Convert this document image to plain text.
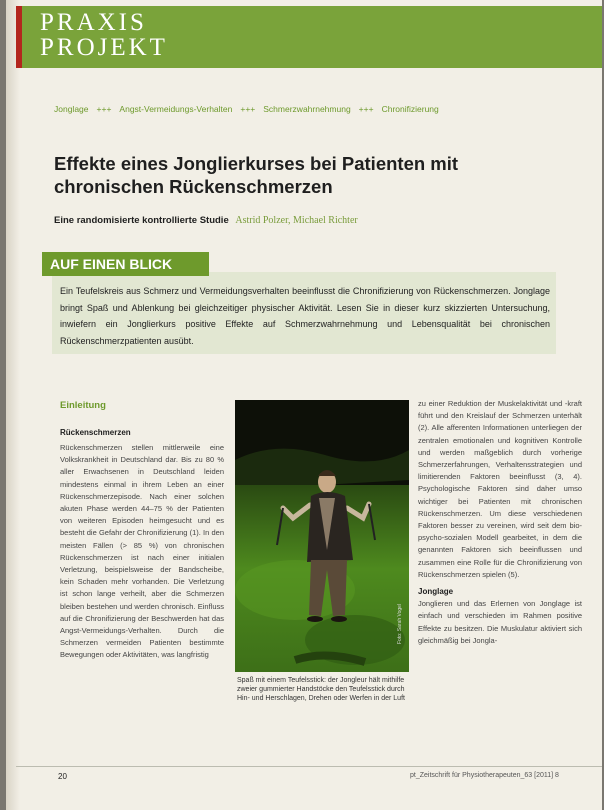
PRAXIS
PROJEKT
Jonglage +++ Angst-Vermeidungs-Verhalten +++ Schmerzwahrnehmung +++ Chronifizierung
Effekte eines Jonglierkurses bei Patienten mit chronischen Rückenschmerzen
Eine randomisierte kontrollierte Studie Astrid Polzer, Michael Richter
AUF EINEN BLICK

Ein Teufelskreis aus Schmerz und Vermeidungsverhalten beeinflusst die Chronifizierung von Rückenschmerzen. Jonglage bringt Spaß und Ablenkung bei gleichzeitiger physischer Aktivität. Lesen Sie in dieser kurz skizzierten Untersuchung, inwiefern ein Jonglierkurs positive Effekte auf Schmerzwahrnehmung und Lebensqualität bei chronischen Rückenschmerzpatienten ausübt.

Einleitung
Rückenschmerzen

Rückenschmerzen stellen mittlerweile eine Volkskrankheit in Deutschland dar. Bis zu 80 % aller Erwachsenen in Deutschland leiden mindestens einmal in ihrem Leben an einer Rückenschmerzepisode. Nach einer solchen akuten Phase werden 44–75 % der Patienten von weiteren Episoden heimgesucht und es besteht die Gefahr der Chronifizierung (1). In den meisten Fällen (> 85 %) von chronischen Rückenschmerzen ist nach einer initialen Verletzung, beispielsweise der Bandscheibe, kein Schaden mehr vorhanden. Die Verletzung ist schon lange verheilt, aber die Schmerzen bleiben bestehen und werden chronisch. Einfluss auf die Chronifizierung der Beschwerden hat das Angst-Vermeidungs-Verhalten. Durch die Schmerzen vermeiden Patienten bestimmte Bewegungen oder Aktivitäten, was langfristig

Foto: Sarah Vogel

Spaß mit einem Teufelsstick: der Jongleur hält mithilfe zweier gummierter Handstöcke den Teufelsstick durch Hin- und Herschlagen, Drehen oder Werfen in der Luft

zu einer Reduktion der Muskelaktivität und -kraft führt und den Kreislauf der Schmerzen unterhält (2). Alle afferenten Informationen unterliegen der zentralen emotionalen und kognitiven Kontrolle und werden maßgeblich durch vorherige Schmerzerfahrungen, Verhaltensstrategien und limitierenden Faktoren beeinflusst (3, 4). Psychologische Faktoren sind daher umso wichtiger bei Patienten mit chronischen Rückenschmerzen. Um diese verschiedenen Faktoren besser zu vereinen, wird seit dem bio-psycho-sozialen Modell gearbeitet, in dem die genannten Faktoren sich beeinflussen und zusammen eine Rolle für die Chronifizierung von Rückenschmerzen spielen (5).
Jonglage
Jonglieren und das Erlernen von Jonglage ist einfach und verschieden im Rahmen positive Effekte zu besitzen. Die Muskulatur aktiviert sich gleichmäßig bei Jongla-
20	pt_Zeitschrift für Physiotherapeuten_63 [2011] 8
